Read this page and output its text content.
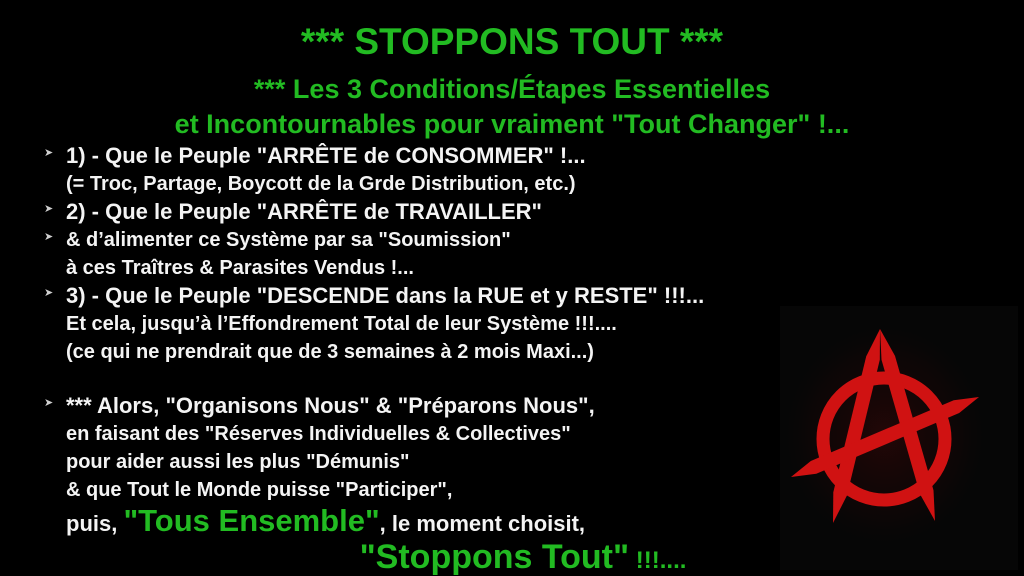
*** STOPPONS TOUT ***
*** Les 3 Conditions/Étapes Essentielles
et Incontournables pour vraiment "Tout Changer" !...
➤ 1) - Que le Peuple "ARRÊTE de CONSOMMER" !...
(= Troc, Partage, Boycott de la Grde Distribution, etc.)
➤ 2) - Que le Peuple "ARRÊTE de TRAVAILLER"
➤ & d’alimenter ce Système par sa "Soumission"
à ces Traîtres & Parasites Vendus !...
➤ 3) - Que le Peuple "DESCENDE dans la RUE et y RESTE" !!!...
Et cela, jusqu’à l’Effondrement Total de leur Système !!!....
(ce qui ne prendrait que de 3 semaines à 2 mois Maxi...)
➤ *** Alors, "Organisons Nous" & "Préparons Nous",
en faisant des "Réserves Individuelles & Collectives"
pour aider aussi les plus "Démunis"
& que Tout le Monde puisse "Participer",
puis, "Tous Ensemble", le moment choisit,
"Stoppons Tout" !!!....
